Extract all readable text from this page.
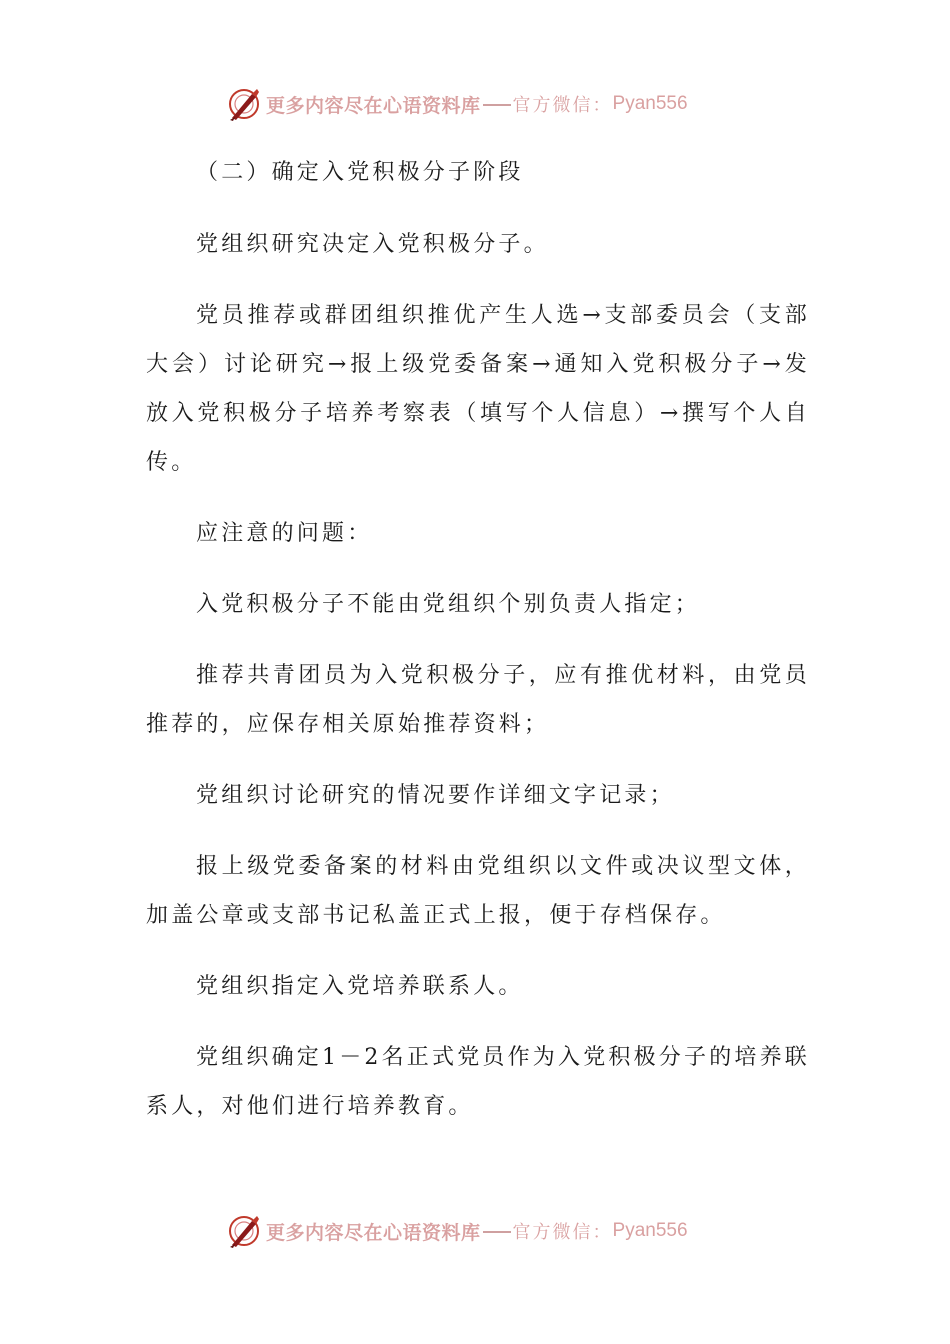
更多内容尽在心语资料库 官方微信： Pyan556

（二）确定入党积极分子阶段

党组织研究决定入党积极分子。

党员推荐或群团组织推优产生人选→支部委员会（支部大会）讨论研究→报上级党委备案→通知入党积极分子→发放入党积极分子培养考察表（填写个人信息）→撰写个人自传。

应注意的问题：

入党积极分子不能由党组织个别负责人指定；

推荐共青团员为入党积极分子，应有推优材料，由党员推荐的，应保存相关原始推荐资料；

党组织讨论研究的情况要作详细文字记录；

报上级党委备案的材料由党组织以文件或决议型文体，加盖公章或支部书记私盖正式上报，便于存档保存。

党组织指定入党培养联系人。

党组织确定1－2名正式党员作为入党积极分子的培养联系人，对他们进行培养教育。

更多内容尽在心语资料库 官方微信： Pyan556
